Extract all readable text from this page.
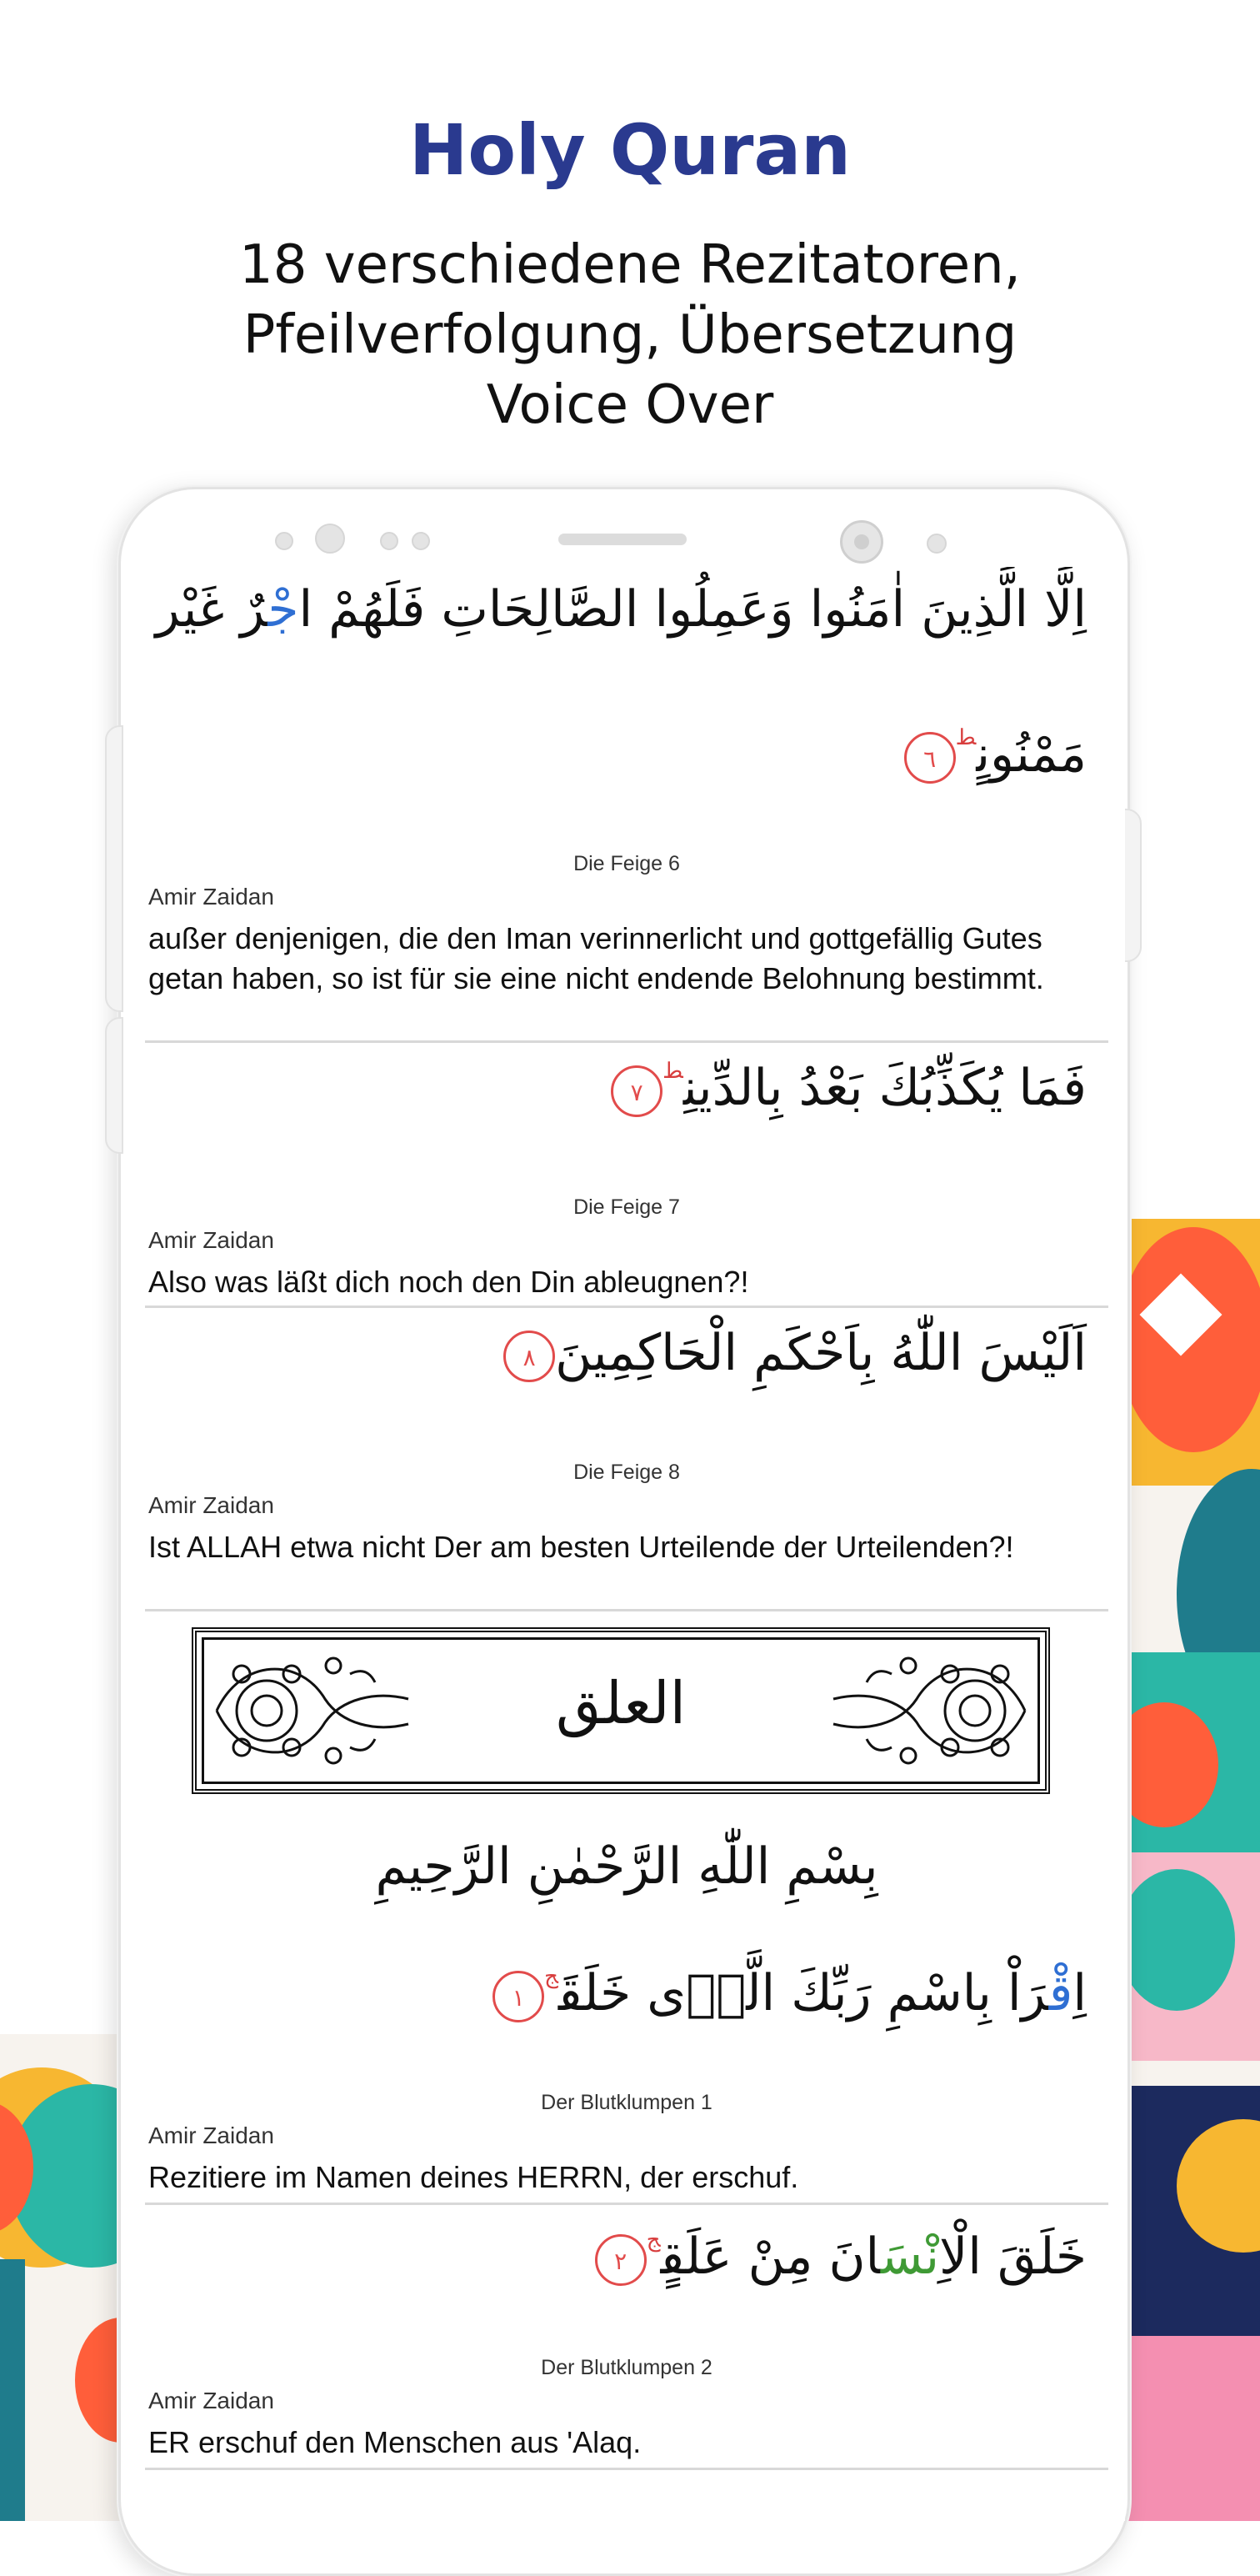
Holy Quran
18 verschiedene Rezitatoren,
Pfeilverfolgung, Übersetzung
Voice Over
اِلَّا الَّذِينَ اٰمَنُوا وَعَمِلُوا الصَّالِحَاتِ فَلَهُمْ اجْرٌ غَيْر
مَمْنُونٍ$^ط$٦
Die Feige 6
Amir Zaidan
außer denjenigen, die den Iman verinnerlicht und gottgefällig Gutes getan haben, so ist für sie eine nicht endende Belohnung bestimmt.
فَمَا يُكَذِّبُكَ بَعْدُ بِالدِّينِ$^ط$٧
Die Feige 7
Amir Zaidan
Also was läßt dich noch den Din ableugnen?!
اَلَيْسَ اللّٰهُ بِاَحْكَمِ الْحَاكِمِينَ٨
Die Feige 8
Amir Zaidan
Ist ALLAH etwa nicht Der am besten Urteilende der Urteilenden?!
العلق
بِسْمِ اللّٰهِ الرَّحْمٰنِ الرَّحِيمِ
اِقْرَاْ بِاسْمِ رَبِّكَ الَّذٖى خَلَقَ$^ج$١
Der Blutklumpen 1
Amir Zaidan
Rezitiere im Namen deines HERRN, der erschuf.
خَلَقَ الْاِنْسَانَ مِنْ عَلَقٍ$^ج$٢
Der Blutklumpen 2
Amir Zaidan
ER erschuf den Menschen aus 'Alaq.
